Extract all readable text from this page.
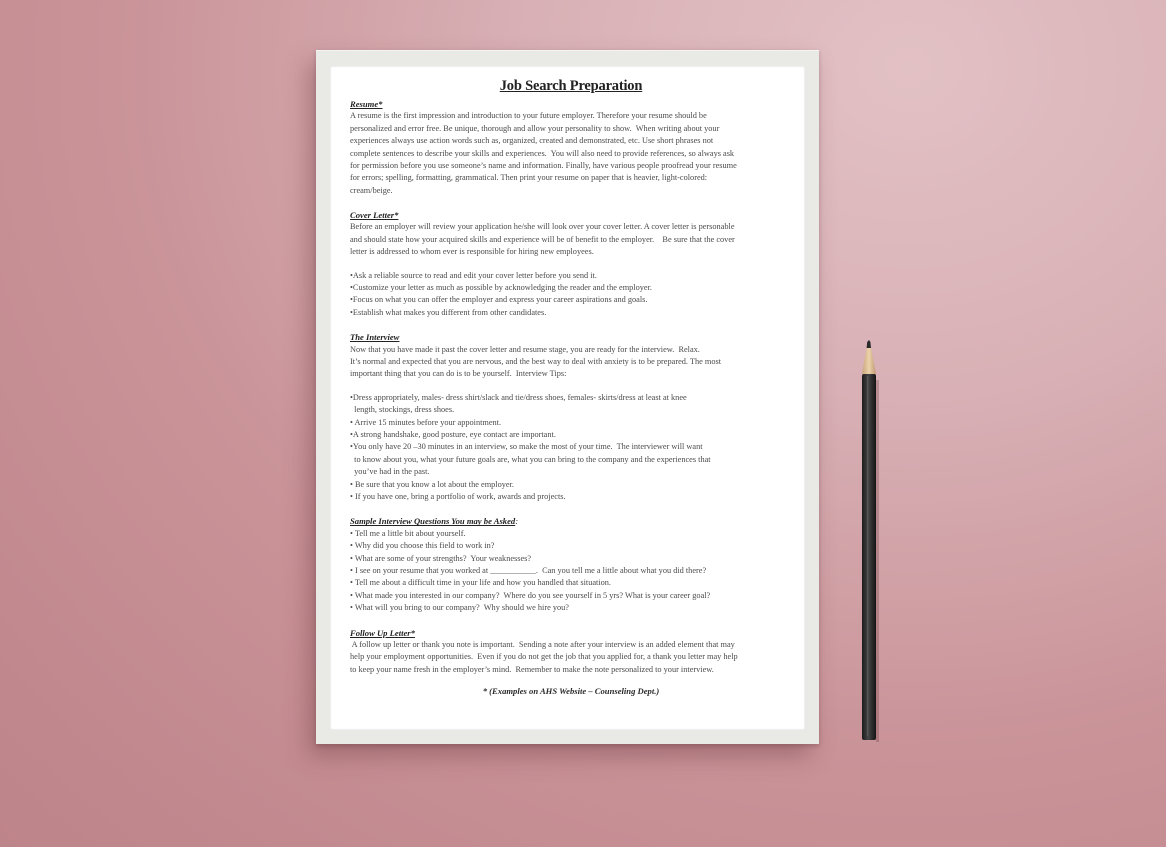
Job Search Preparation
Resume*
A resume is the first impression and introduction to your future employer. Therefore your resume should be
personalized and error free. Be unique, thorough and allow your personality to show.  When writing about your
experiences always use action words such as, organized, created and demonstrated, etc. Use short phrases not
complete sentences to describe your skills and experiences.  You will also need to provide references, so always ask
for permission before you use someone’s name and information. Finally, have various people proofread your resume
for errors; spelling, formatting, grammatical. Then print your resume on paper that is heavier, light-colored:
cream/beige.
Cover Letter*
Before an employer will review your application he/she will look over your cover letter. A cover letter is personable
and should state how your acquired skills and experience will be of benefit to the employer.    Be sure that the cover
letter is addressed to whom ever is responsible for hiring new employees.
•Ask a reliable source to read and edit your cover letter before you send it.
•Customize your letter as much as possible by acknowledging the reader and the employer.
•Focus on what you can offer the employer and express your career aspirations and goals.
•Establish what makes you different from other candidates.
The Interview
Now that you have made it past the cover letter and resume stage, you are ready for the interview.  Relax.
It’s normal and expected that you are nervous, and the best way to deal with anxiety is to be prepared. The most
important thing that you can do is to be yourself.  Interview Tips:
•Dress appropriately, males- dress shirt/slack and tie/dress shoes, females- skirts/dress at least at knee
length, stockings, dress shoes.
• Arrive 15 minutes before your appointment.
•A strong handshake, good posture, eye contact are important.
•You only have 20 –30 minutes in an interview, so make the most of your time.  The interviewer will want
to know about you, what your future goals are, what you can bring to the company and the experiences that
you’ve had in the past.
• Be sure that you know a lot about the employer.
• If you have one, bring a portfolio of work, awards and projects.
Sample Interview Questions You may be Asked:
• Tell me a little bit about yourself.
• Why did you choose this field to work in?
• What are some of your strengths?  Your weaknesses?
• I see on your resume that you worked at ___________.  Can you tell me a little about what you did there?
• Tell me about a difficult time in your life and how you handled that situation.
• What made you interested in our company?  Where do you see yourself in 5 yrs? What is your career goal?
• What will you bring to our company?  Why should we hire you?
Follow Up Letter*
A follow up letter or thank you note is important.  Sending a note after your interview is an added element that may
help your employment opportunities.  Even if you do not get the job that you applied for, a thank you letter may help
to keep your name fresh in the employer’s mind.  Remember to make the note personalized to your interview.
* (Examples on AHS Website – Counseling Dept.)
